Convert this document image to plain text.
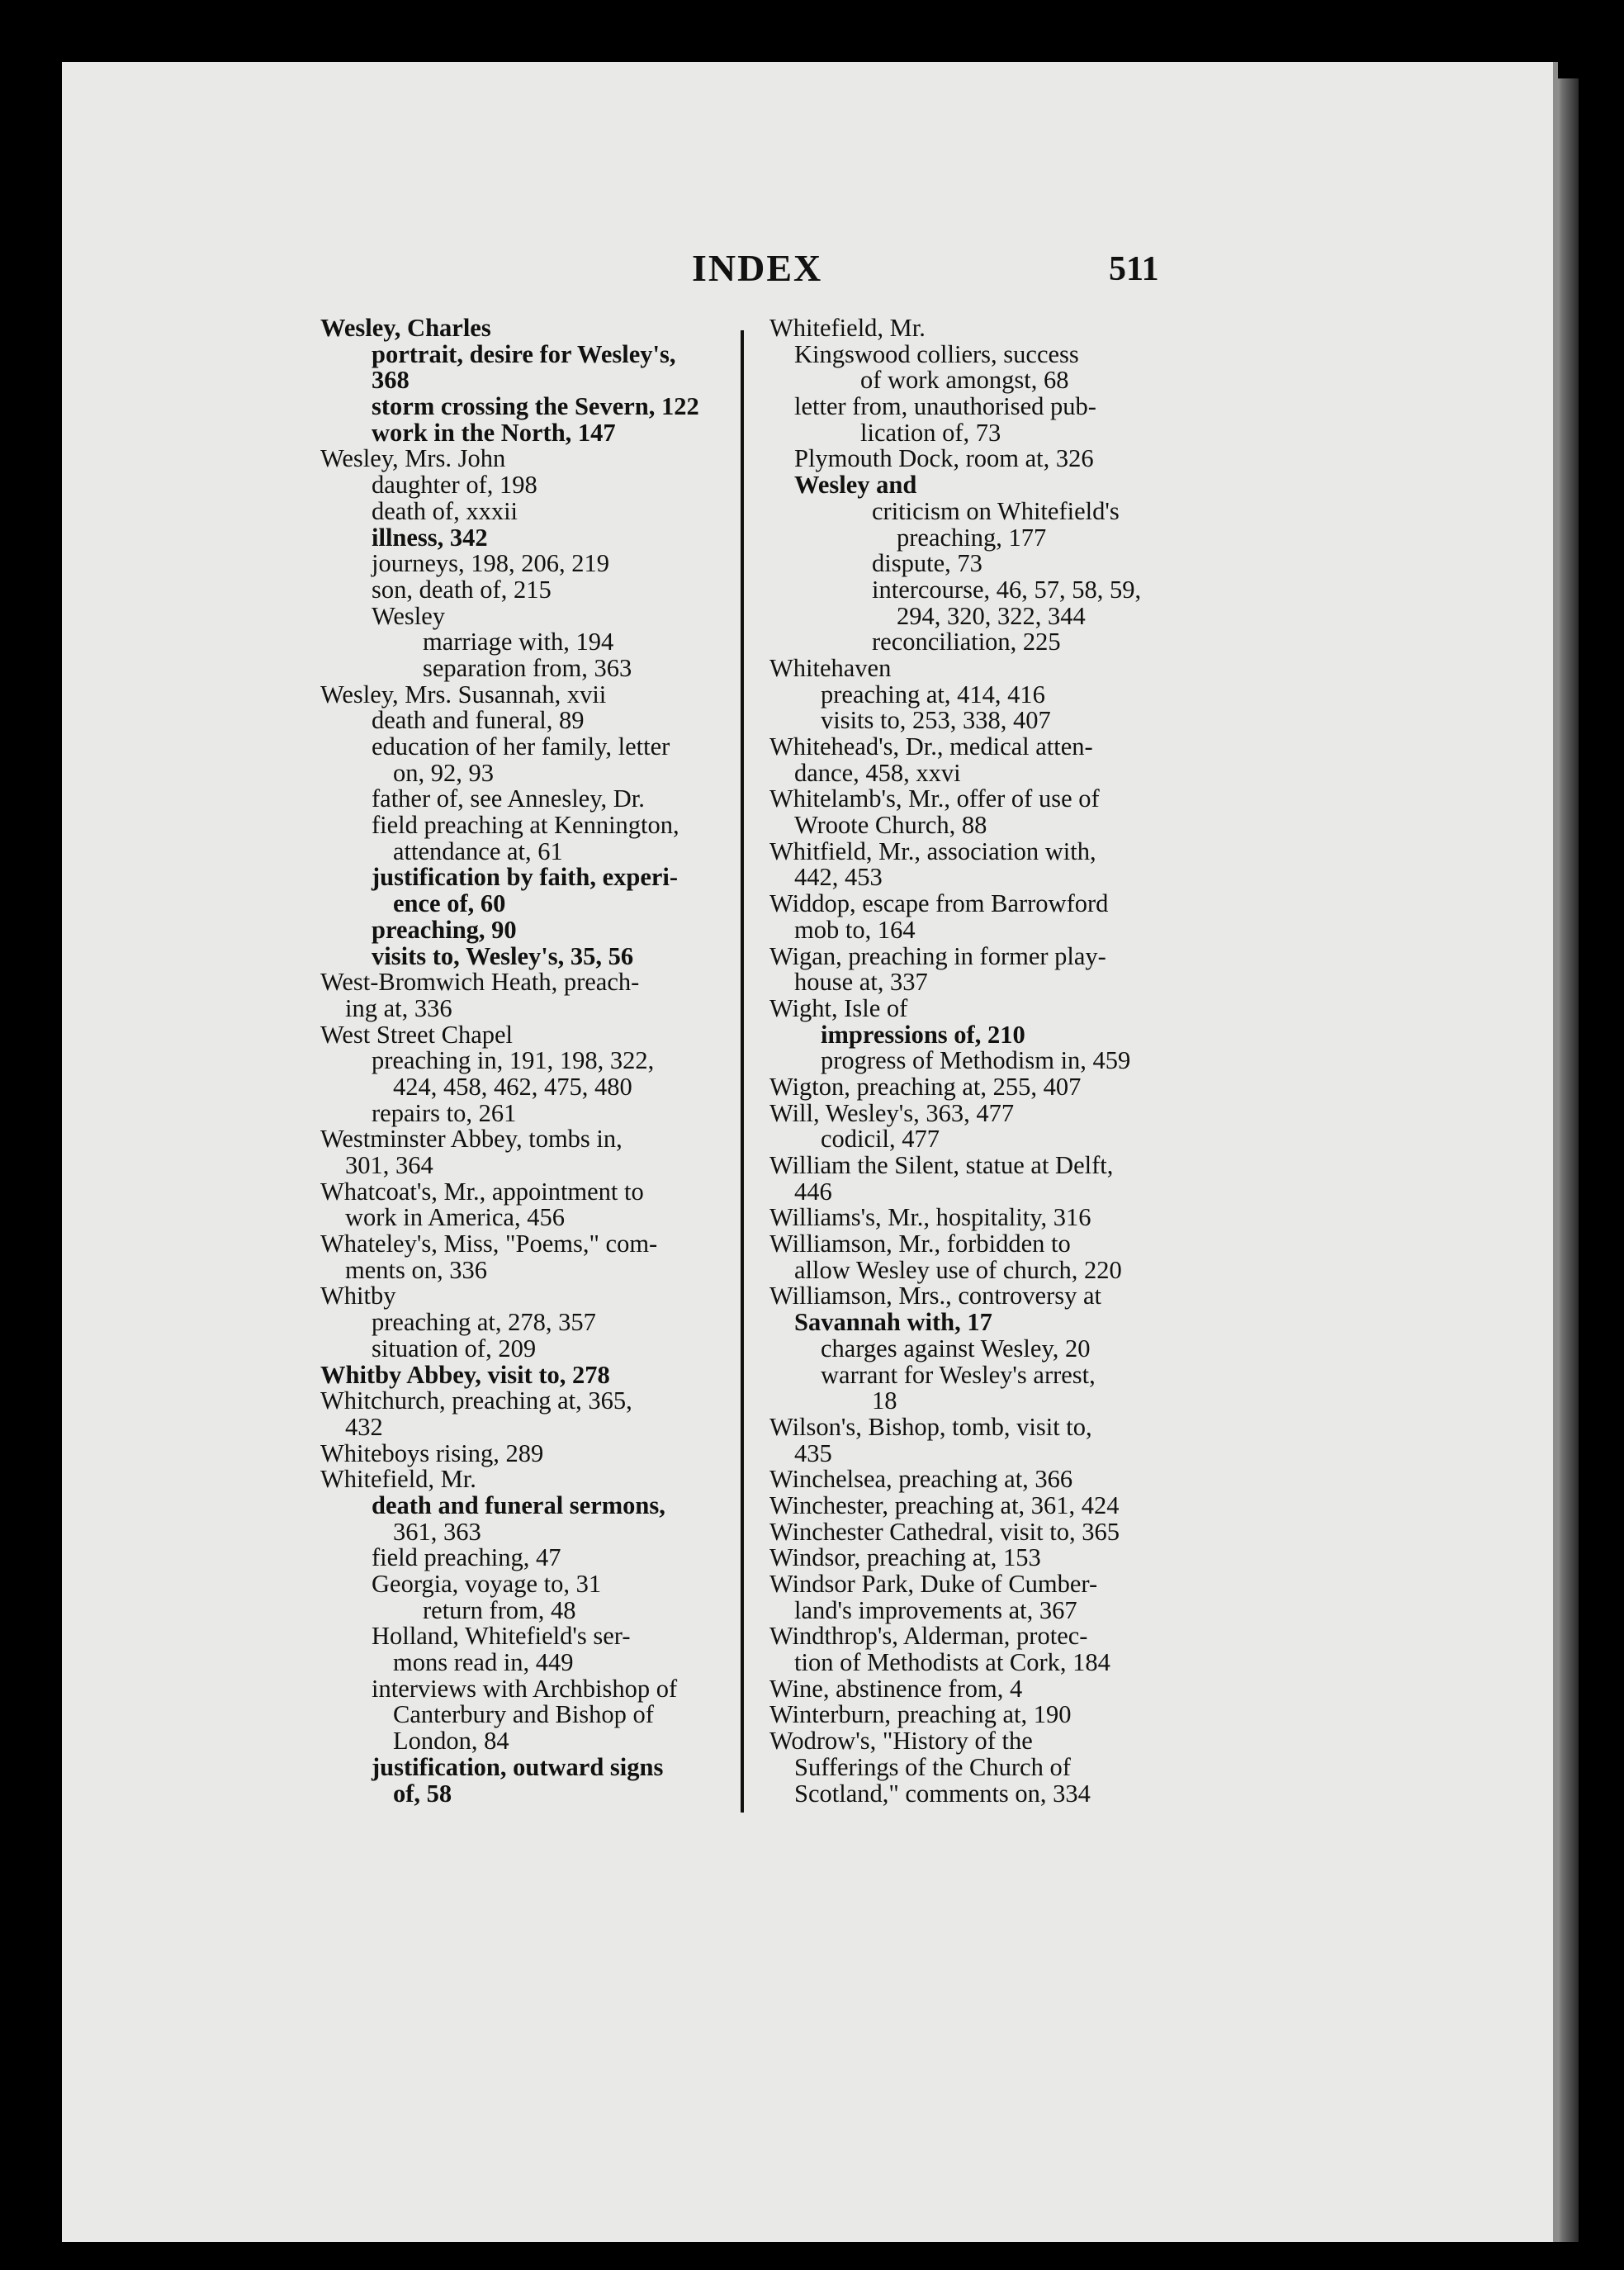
INDEX	511
Wesley, Charles
portrait, desire for Wesley's,
368
storm crossing the Severn, 122
work in the North, 147
Wesley, Mrs. John
daughter of, 198
death of, xxxii
illness, 342
journeys, 198, 206, 219
son, death of, 215
Wesley
marriage with, 194
separation from, 363
Wesley, Mrs. Susannah, xvii
death and funeral, 89
education of her family, letter
on, 92, 93
father of, see Annesley, Dr.
field preaching at Kennington,
attendance at, 61
justification by faith, experi-
ence of, 60
preaching, 90
visits to, Wesley's, 35, 56
West-Bromwich Heath, preach-
ing at, 336
West Street Chapel
preaching in, 191, 198, 322,
424, 458, 462, 475, 480
repairs to, 261
Westminster Abbey, tombs in,
301, 364
Whatcoat's, Mr., appointment to
work in America, 456
Whateley's, Miss, "Poems," com-
ments on, 336
Whitby
preaching at, 278, 357
situation of, 209
Whitby Abbey, visit to, 278
Whitchurch, preaching at, 365,
432
Whiteboys rising, 289
Whitefield, Mr.
death and funeral sermons,
361, 363
field preaching, 47
Georgia, voyage to, 31
return from, 48
Holland, Whitefield's ser-
mons read in, 449
interviews with Archbishop of
Canterbury and Bishop of
London, 84
justification, outward signs
of, 58
Whitefield, Mr.
Kingswood colliers, success
of work amongst, 68
letter from, unauthorised pub-
lication of, 73
Plymouth Dock, room at, 326
Wesley and
criticism on Whitefield's
preaching, 177
dispute, 73
intercourse, 46, 57, 58, 59,
294, 320, 322, 344
reconciliation, 225
Whitehaven
preaching at, 414, 416
visits to, 253, 338, 407
Whitehead's, Dr., medical atten-
dance, 458, xxvi
Whitelamb's, Mr., offer of use of
Wroote Church, 88
Whitfield, Mr., association with,
442, 453
Widdop, escape from Barrowford
mob to, 164
Wigan, preaching in former play-
house at, 337
Wight, Isle of
impressions of, 210
progress of Methodism in, 459
Wigton, preaching at, 255, 407
Will, Wesley's, 363, 477
codicil, 477
William the Silent, statue at Delft,
446
Williams's, Mr., hospitality, 316
Williamson, Mr., forbidden to
allow Wesley use of church, 220
Williamson, Mrs., controversy at
Savannah with, 17
charges against Wesley, 20
warrant for Wesley's arrest,
18
Wilson's, Bishop, tomb, visit to,
435
Winchelsea, preaching at, 366
Winchester, preaching at, 361, 424
Winchester Cathedral, visit to, 365
Windsor, preaching at, 153
Windsor Park, Duke of Cumber-
land's improvements at, 367
Windthrop's, Alderman, protec-
tion of Methodists at Cork, 184
Wine, abstinence from, 4
Winterburn, preaching at, 190
Wodrow's, "History of the
Sufferings of the Church of
Scotland," comments on, 334
